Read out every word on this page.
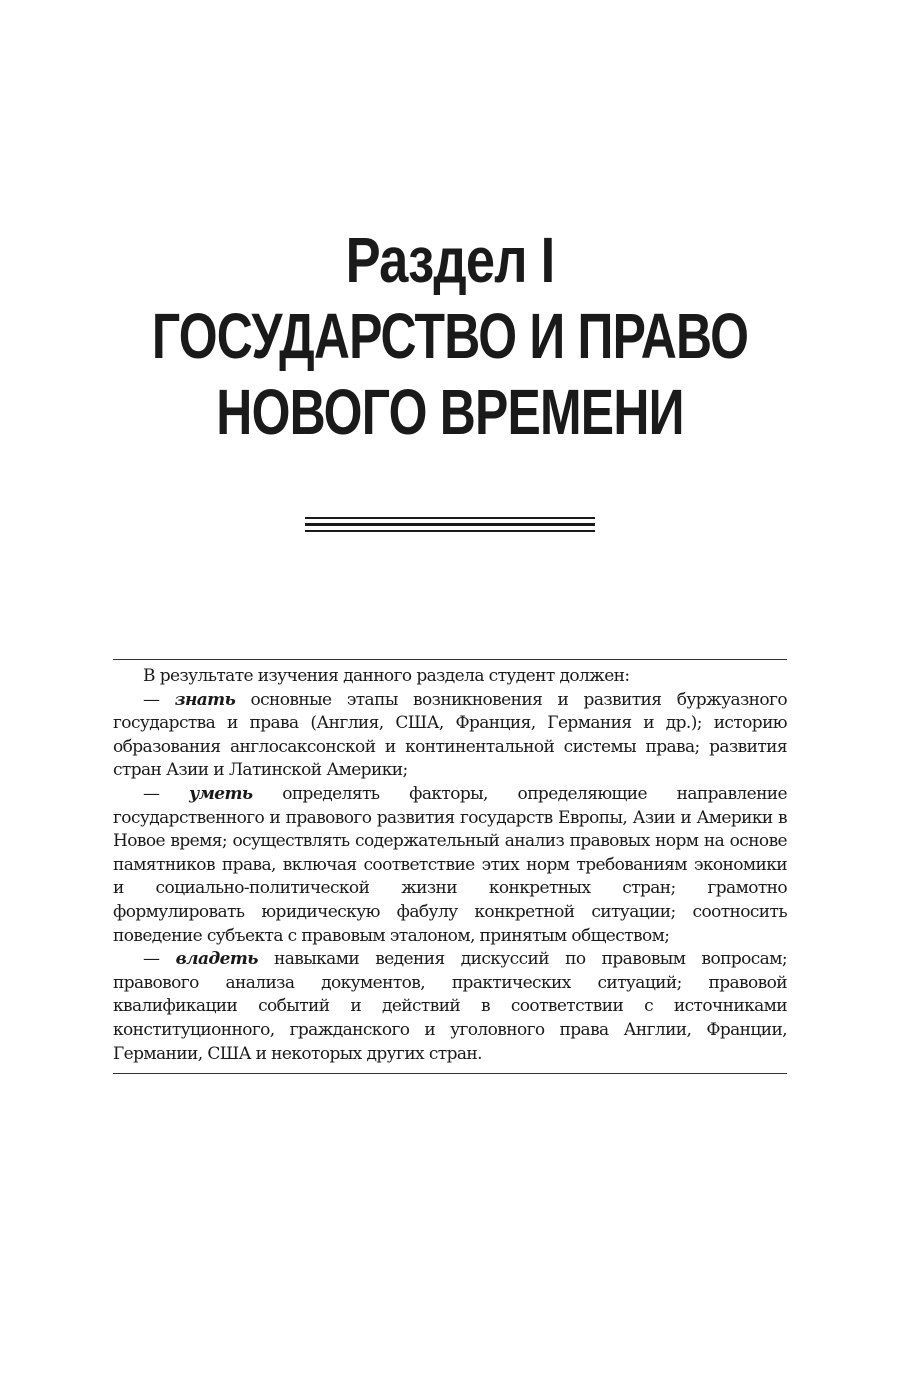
Раздел I
ГОСУДАРСТВО И ПРАВО
НОВОГО ВРЕМЕНИ

В результате изучения данного раздела студент должен:

— знать основные этапы возникновения и развития буржуазного государства и права (Англия, США, Франция, Германия и др.); историю образования англосаксонской и континентальной системы права; развития стран Азии и Латинской Америки;

— уметь определять факторы, определяющие направление государственного и правового развития государств Европы, Азии и Америки в Новое время; осуществлять содержательный анализ правовых норм на основе памятников права, включая соответствие этих норм требованиям экономики и социально-политической жизни конкретных стран; грамотно формулировать юридическую фабулу конкретной ситуации; соотносить поведение субъекта с правовым эталоном, принятым обществом;

— владеть навыками ведения дискуссий по правовым вопросам; правового анализа документов, практических ситуаций; правовой квалификации событий и действий в соответствии с источниками конституционного, гражданского и уголовного права Англии, Франции, Германии, США и некоторых других стран.
